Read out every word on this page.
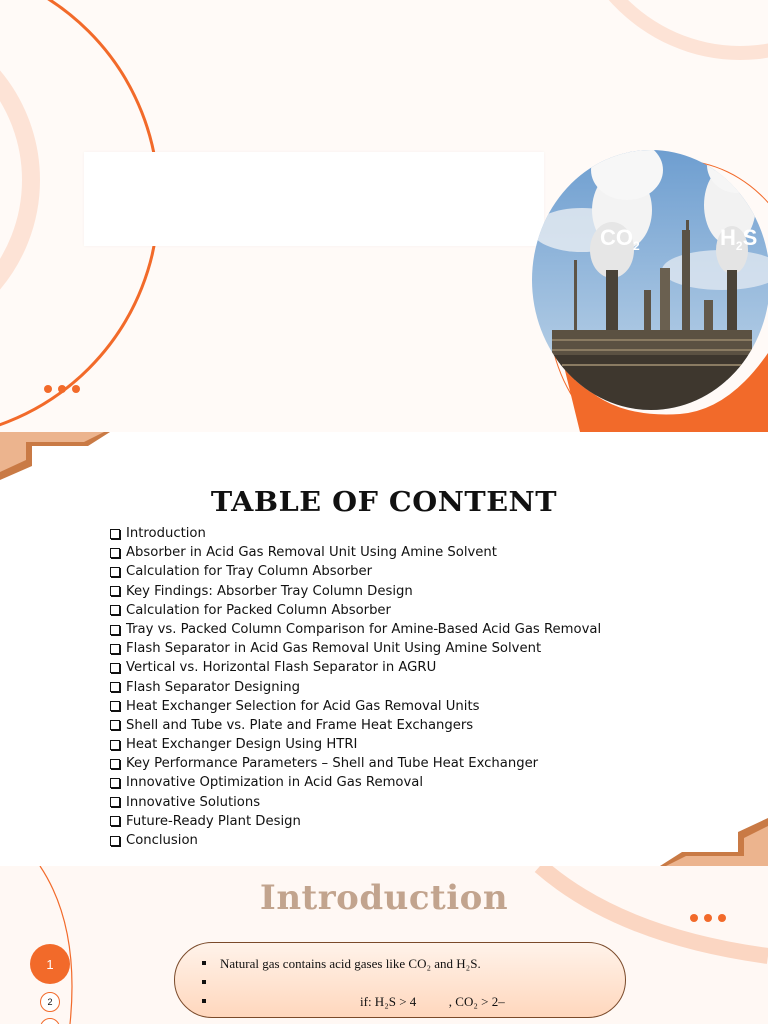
$CO_2$	$H_2S$
TABLE OF CONTENT
Introduction
Absorber in Acid Gas Removal Unit Using Amine Solvent
Calculation for Tray Column Absorber
Key Findings: Absorber Tray Column Design
Calculation for Packed Column Absorber
Tray vs. Packed Column Comparison for Amine-Based Acid Gas Removal
Flash Separator in Acid Gas Removal Unit Using Amine Solvent
Vertical vs. Horizontal Flash Separator in AGRU
Flash Separator Designing
Heat Exchanger Selection for Acid Gas Removal Units
Shell and Tube vs. Plate and Frame Heat Exchangers
Heat Exchanger Design Using HTRI
Key Performance Parameters – Shell and Tube Heat Exchanger
Innovative Optimization in Acid Gas Removal
Innovative Solutions
Future-Ready Plant Design
Conclusion
Introduction
1
2
Natural gas contains acid gases like CO₂ and H₂S.
if: H₂S > 4          , CO₂ > 2–
